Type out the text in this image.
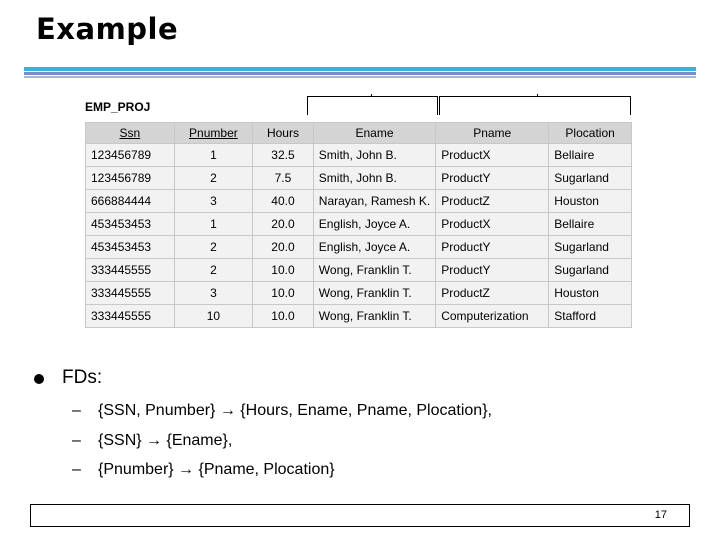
Example
EMP_PROJ
Ssn	Pnumber	Hours	Ename	Pname	Plocation
123456789	1	32.5	Smith, John B.	ProductX	Bellaire
123456789	2	7.5	Smith, John B.	ProductY	Sugarland
666884444	3	40.0	Narayan, Ramesh K.	ProductZ	Houston
453453453	1	20.0	English, Joyce A.	ProductX	Bellaire
453453453	2	20.0	English, Joyce A.	ProductY	Sugarland
333445555	2	10.0	Wong, Franklin T.	ProductY	Sugarland
333445555	3	10.0	Wong, Franklin T.	ProductZ	Houston
333445555	10	10.0	Wong, Franklin T.	Computerization	Stafford
FDs:
– {SSN, Pnumber} → {Hours, Ename, Pname, Plocation},
– {SSN} → {Ename},
– {Pnumber} → {Pname, Plocation}
17
